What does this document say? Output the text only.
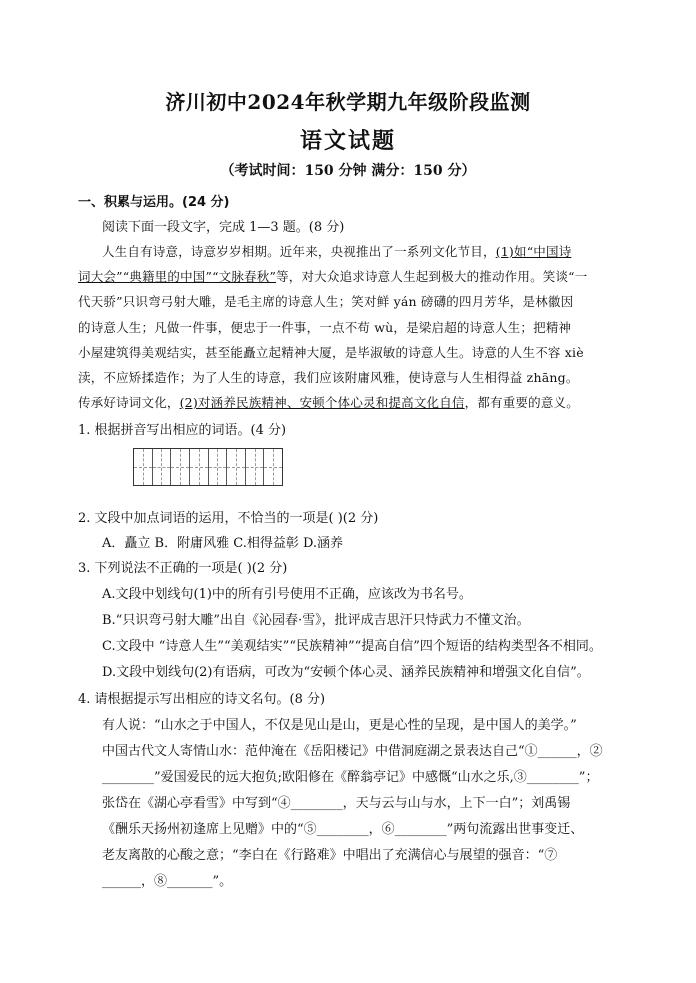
济川初中2024年秋学期九年级阶段监测
语文试题
（考试时间：150 分钟 满分：150 分）
一、积累与运用。(24 分)
阅读下面一段文字，完成 1—3 题。(8 分)
人生自有诗意，诗意岁岁相期。近年来，央视推出了一系列文化节目，(1)如“中国诗
词大会”“典籍里的中国”“文脉春秋”等，对大众追求诗意人生起到极大的推动作用。笑谈“一
代天骄”只识弯弓射大雕，是毛主席的诗意人生；笑对鲜 yán 磅礴的四月芳华，是林徽因
的诗意人生；凡做一件事，便忠于一件事，一点不苟 wù，是梁启超的诗意人生；把精神
小屋建筑得美观结实，甚至能矗立起精神大厦，是毕淑敏的诗意人生。诗意的人生不容 xiè
渎，不应矫揉造作；为了人生的诗意，我们应该附庸风雅，使诗意与人生相得益 zhāng。
传承好诗词文化，(2)对涵养民族精神、安顿个体心灵和提高文化自信，都有重要的意义。
1. 根据拼音写出相应的词语。(4 分)
2. 文段中加点词语的运用，不恰当的一项是( )(2 分)
A．矗立 B．附庸风雅 C.相得益彰 D.涵养
3. 下列说法不正确的一项是( )(2 分)
A.文段中划线句(1)中的所有引号使用不正确，应该改为书名号。
B.“只识弯弓射大雕”出自《沁园春·雪》，批评成吉思汗只恃武力不懂文治。
C.文段中 “诗意人生”“美观结实”“民族精神”“提高自信”四个短语的结构类型各不相同。
D.文段中划线句(2)有语病，可改为“安顿个体心灵、涵养民族精神和增强文化自信”。
4. 请根据提示写出相应的诗文名句。(8 分)
有人说：“山水之于中国人，不仅是见山是山，更是心性的呈现，是中国人的美学。”
中国古代文人寄情山水：范仲淹在《岳阳楼记》中借洞庭湖之景表达自己“①______，②
________”爱国爱民的远大抱负;欧阳修在《醉翁亭记》中感慨“山水之乐,③________”；
张岱在《湖心亭看雪》中写到“④________，天与云与山与水，上下一白”；刘禹锡
《酬乐天扬州初逢席上见赠》中的“⑤________，⑥________”两句流露出世事变迁、
老友离散的心酸之意；“李白在《行路难》中唱出了充满信心与展望的强音：“⑦
______，⑧_______”。
